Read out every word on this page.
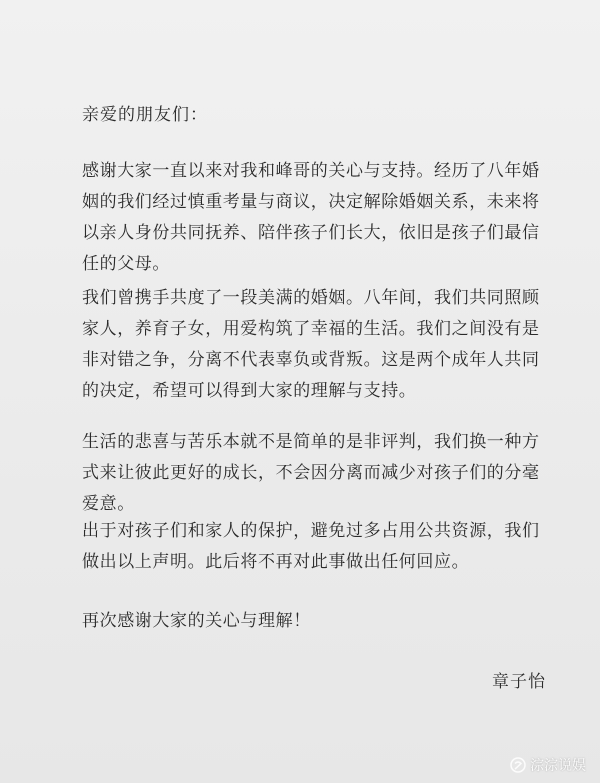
亲爱的朋友们：

感谢大家一直以来对我和峰哥的关心与支持。经历了八年婚姻的我们经过慎重考量与商议，决定解除婚姻关系，未来将以亲人身份共同抚养、陪伴孩子们长大，依旧是孩子们最信任的父母。

我们曾携手共度了一段美满的婚姻。八年间，我们共同照顾家人，养育子女，用爱构筑了幸福的生活。我们之间没有是非对错之争，分离不代表辜负或背叛。这是两个成年人共同的决定，希望可以得到大家的理解与支持。

生活的悲喜与苦乐本就不是简单的是非评判，我们换一种方式来让彼此更好的成长，不会因分离而减少对孩子们的分毫爱意。

出于对孩子们和家人的保护，避免过多占用公共资源，我们做出以上声明。此后将不再对此事做出任何回应。

再次感谢大家的关心与理解！

章子怡

淙淙说娱
